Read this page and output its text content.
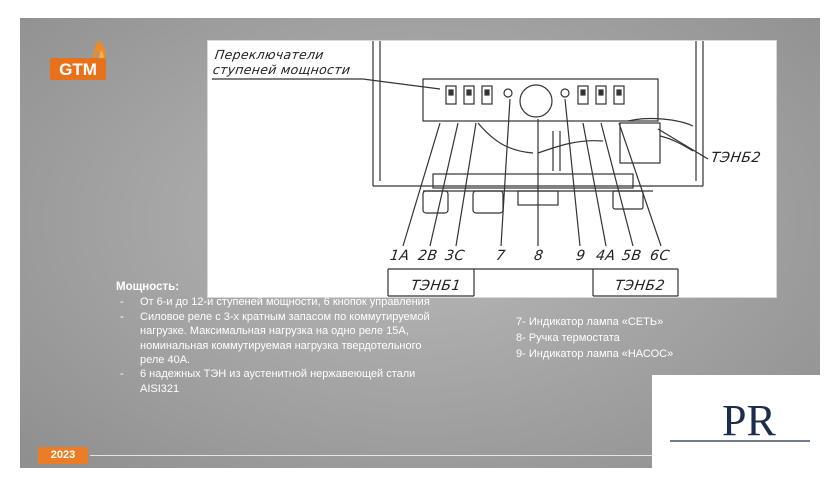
GTM
Переключатели
ступеней мощности
1A 2B 3C 7 8 9 4A 5B 6C
ТЭНБ2
ТЭНБ1	ТЭНБ2
Мощность:
- От 6-и до 12-и ступеней мощности, 6 кнопок управления
- Силовое реле с 3-х кратным запасом по коммутируемой нагрузке. Максимальная нагрузка на одно реле 15А, номинальная коммутируемая нагрузка твердотельного реле 40А.
- 6 надежных ТЭН из аустенитной нержавеющей стали AISI321
7- Индикатор лампа «СЕТЬ»
8- Ручка термостата
9- Индикатор лампа «НАСОС»
2023
PR
